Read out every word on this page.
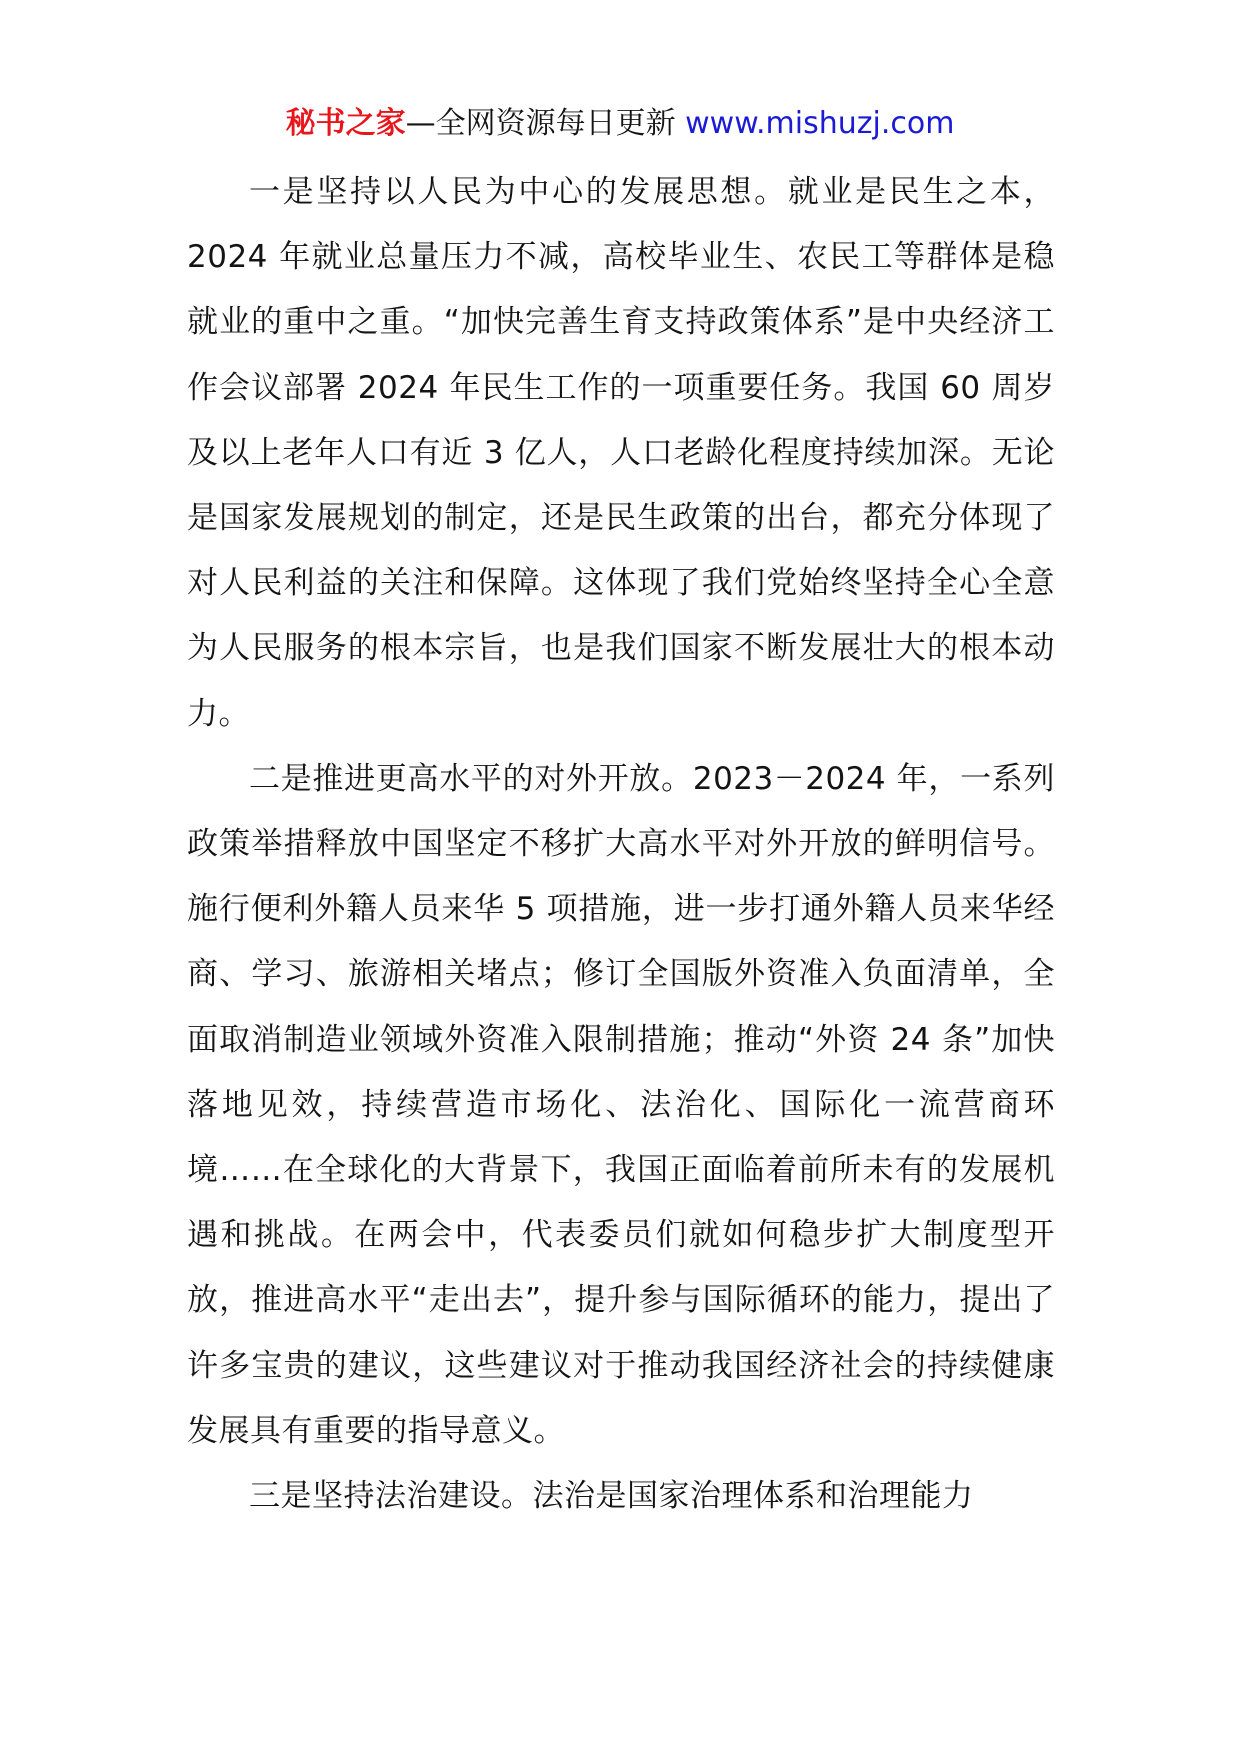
秘书之家—全网资源每日更新 www.mishuzj.com

一是坚持以人民为中心的发展思想。就业是民生之本，2024 年就业总量压力不减，高校毕业生、农民工等群体是稳就业的重中之重。“加快完善生育支持政策体系”是中央经济工作会议部署 2024 年民生工作的一项重要任务。我国 60 周岁及以上老年人口有近 3 亿人，人口老龄化程度持续加深。无论是国家发展规划的制定，还是民生政策的出台，都充分体现了对人民利益的关注和保障。这体现了我们党始终坚持全心全意为人民服务的根本宗旨，也是我们国家不断发展壮大的根本动力。

二是推进更高水平的对外开放。2023－2024 年，一系列政策举措释放中国坚定不移扩大高水平对外开放的鲜明信号。施行便利外籍人员来华 5 项措施，进一步打通外籍人员来华经商、学习、旅游相关堵点；修订全国版外资准入负面清单，全面取消制造业领域外资准入限制措施；推动“外资 24 条”加快落地见效，持续营造市场化、法治化、国际化一流营商环境……在全球化的大背景下，我国正面临着前所未有的发展机遇和挑战。在两会中，代表委员们就如何稳步扩大制度型开放，推进高水平“走出去”，提升参与国际循环的能力，提出了许多宝贵的建议，这些建议对于推动我国经济社会的持续健康发展具有重要的指导意义。

三是坚持法治建设。法治是国家治理体系和治理能力
